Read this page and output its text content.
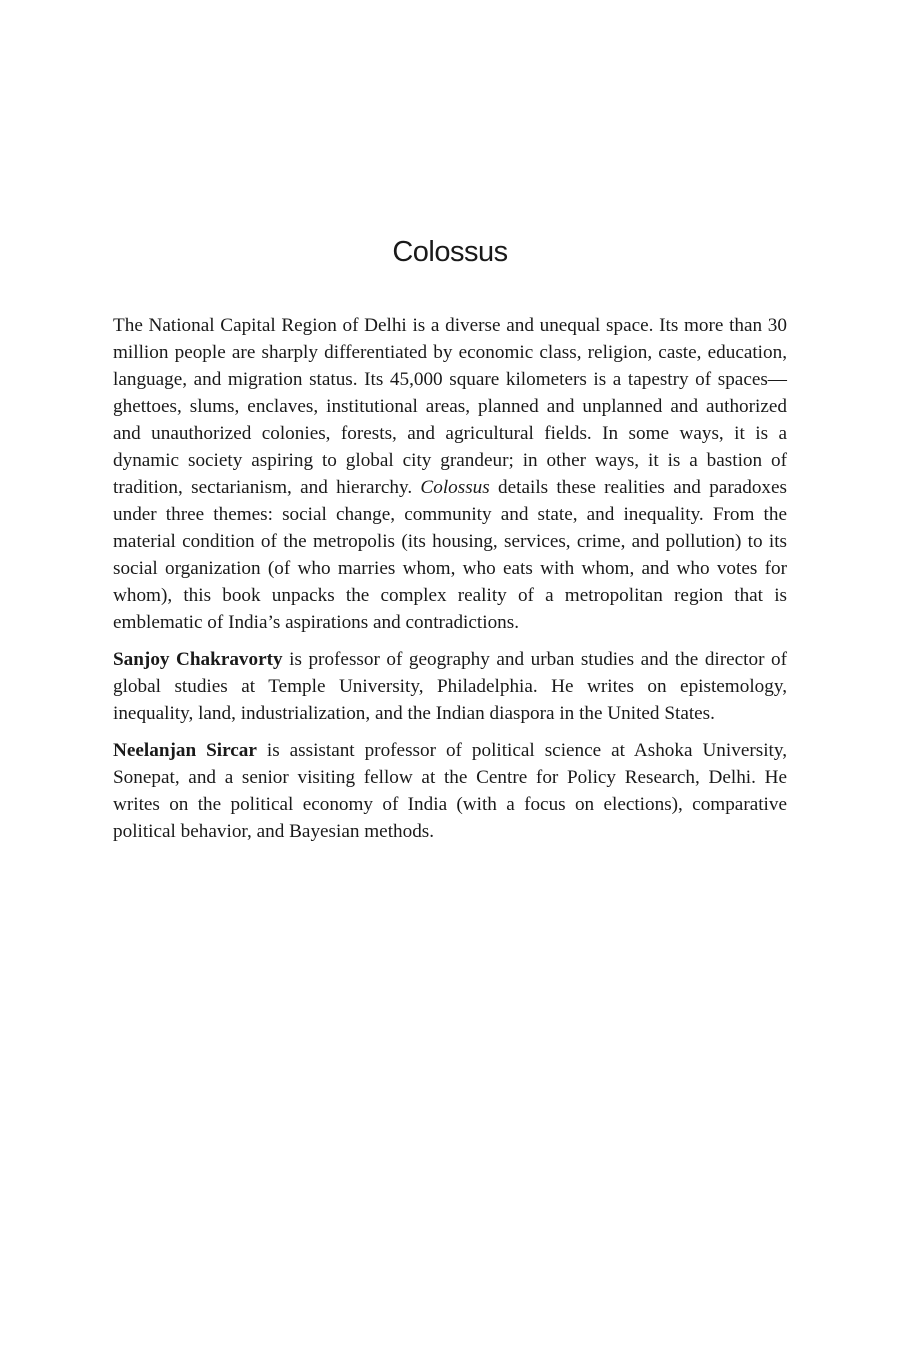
Colossus

The National Capital Region of Delhi is a diverse and unequal space. Its more than 30 million people are sharply differentiated by economic class, religion, caste, education, language, and migration status. Its 45,000 square kilometers is a tapestry of spaces—ghettoes, slums, enclaves, institutional areas, planned and unplanned and authorized and unauthorized colonies, forests, and agricultural fields. In some ways, it is a dynamic society aspiring to global city grandeur; in other ways, it is a bastion of tradition, sectarianism, and hierarchy. Colossus details these realities and paradoxes under three themes: social change, community and state, and inequality. From the material condition of the metropolis (its housing, services, crime, and pollution) to its social organization (of who marries whom, who eats with whom, and who votes for whom), this book unpacks the complex reality of a metropolitan region that is emblematic of India’s aspirations and contradictions.

Sanjoy Chakravorty is professor of geography and urban studies and the director of global studies at Temple University, Philadelphia. He writes on epistemology, inequality, land, industrialization, and the Indian diaspora in the United States.

Neelanjan Sircar is assistant professor of political science at Ashoka University, Sonepat, and a senior visiting fellow at the Centre for Policy Research, Delhi. He writes on the political economy of India (with a focus on elections), comparative political behavior, and Bayesian methods.
